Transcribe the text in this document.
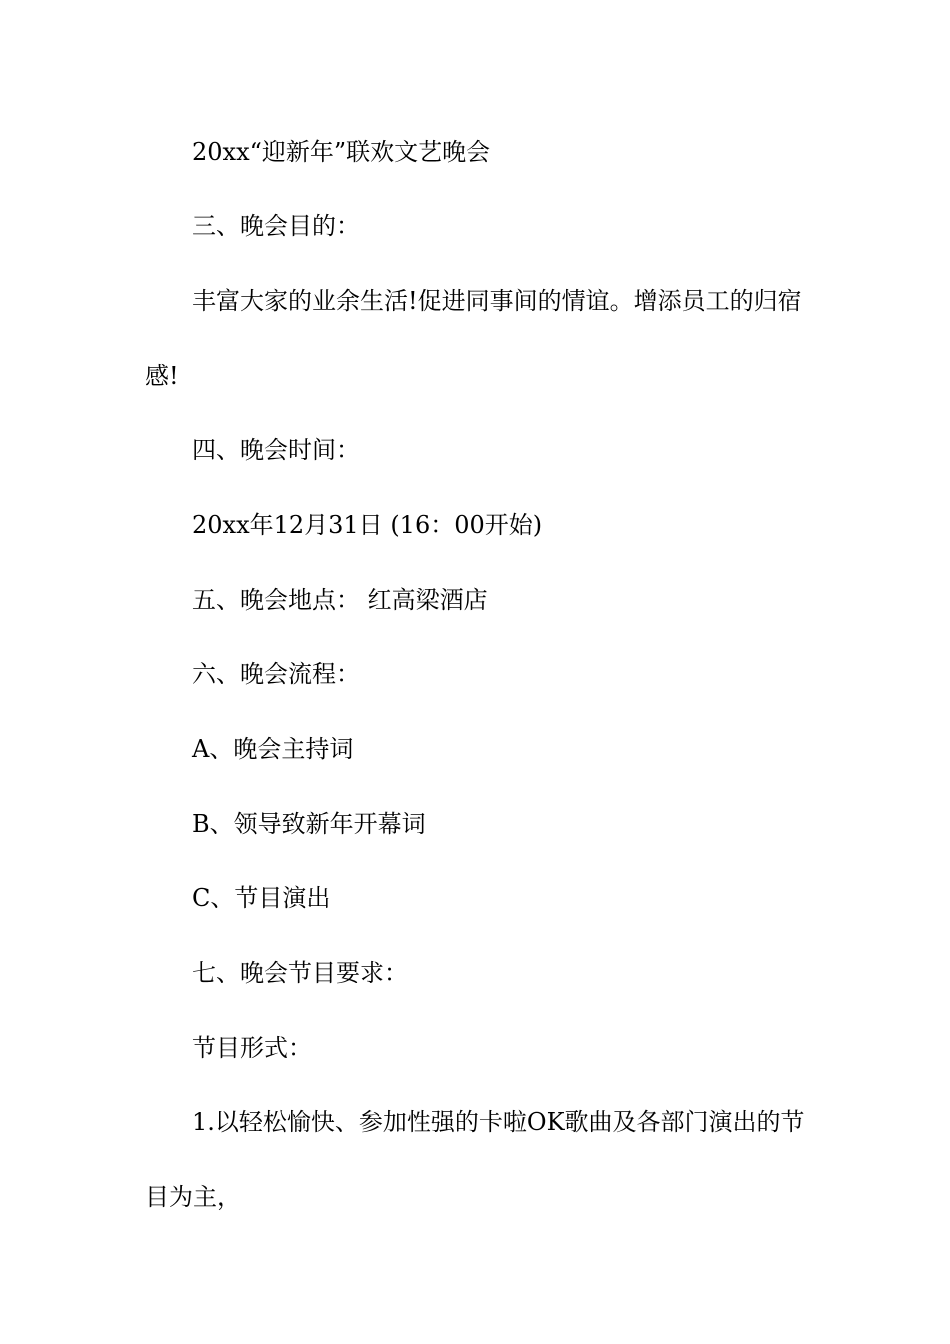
20xx“迎新年”联欢文艺晚会

三、晚会目的：

丰富大家的业余生活!促进同事间的情谊。增添员工的归宿

感!

四、晚会时间：

20xx年12月31日 (16：00开始)

五、晚会地点： 红高梁酒店

六、晚会流程：

A、晚会主持词

B、领导致新年开幕词

C、节目演出

七、晚会节目要求：

节目形式：

1.以轻松愉快、参加性强的卡啦OK歌曲及各部门演出的节

目为主，
